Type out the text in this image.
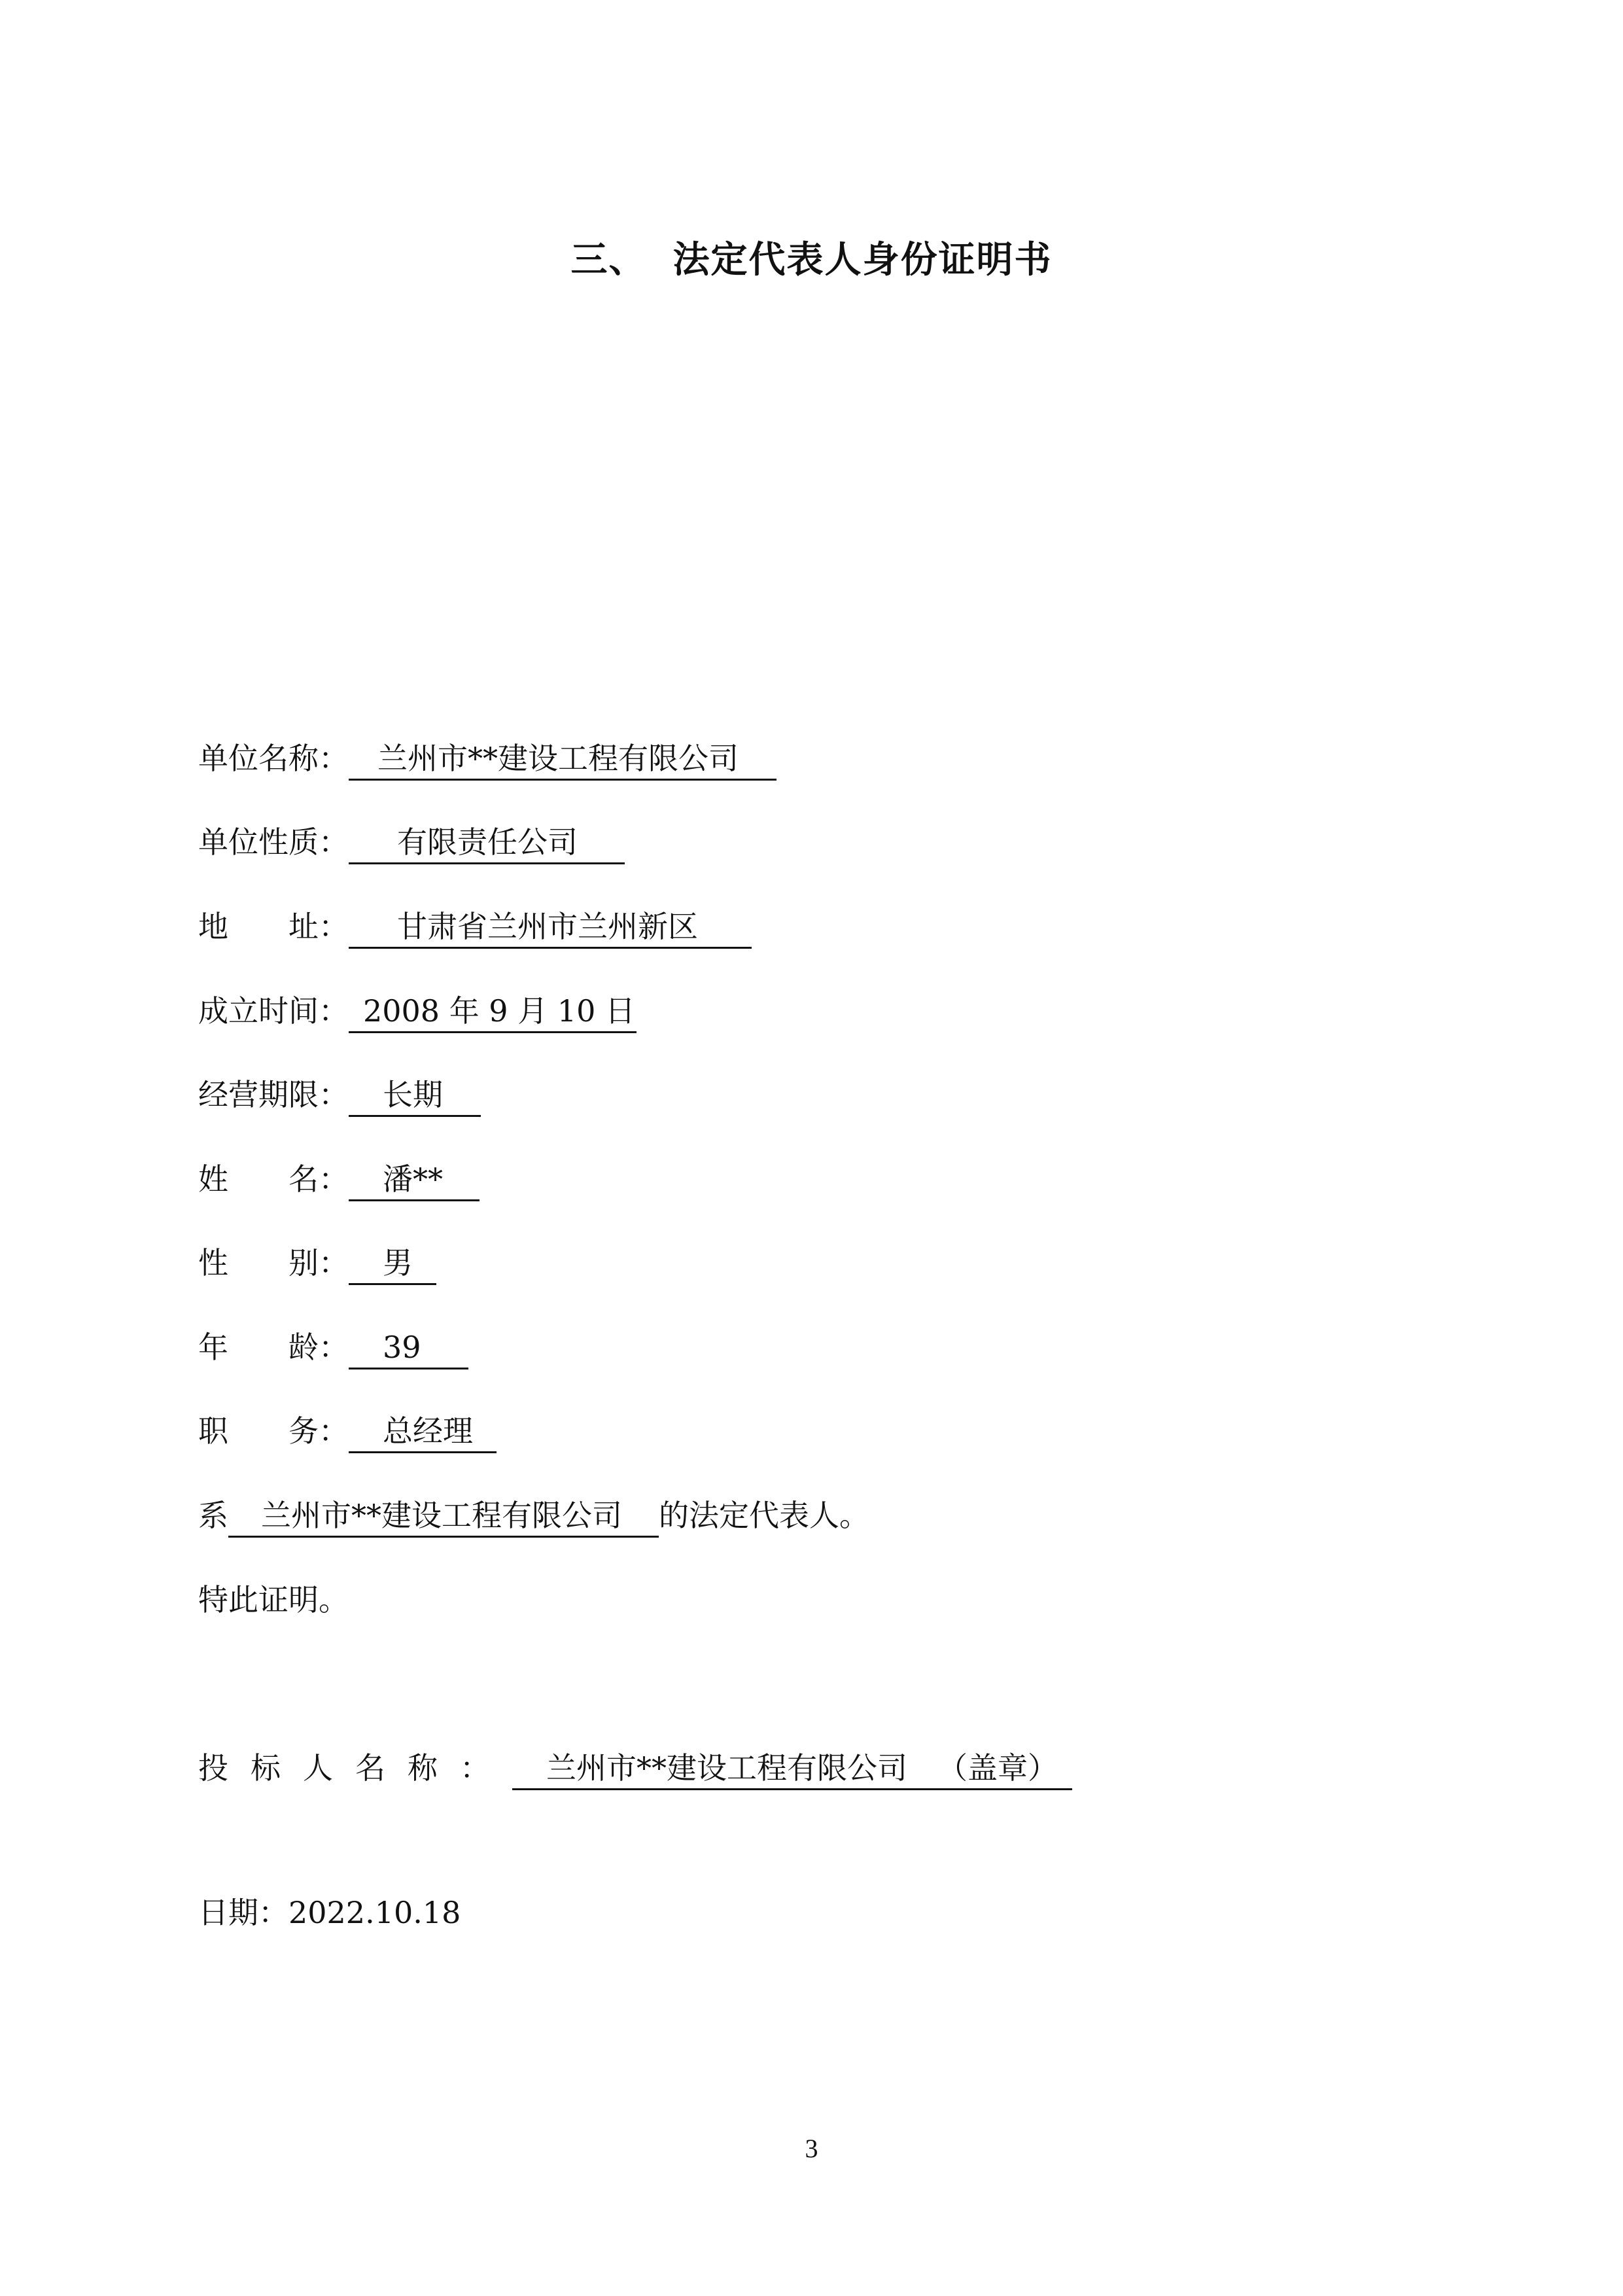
三、 法定代表人身份证明书
单位名称： 兰州市**建设工程有限公司
单位性质： 有限责任公司
地　　址： 甘肃省兰州市兰州新区
成立时间： 2008 年 9 月 10 日
经营期限： 长期
姓　　名： 潘**
性　　别： 男
年　　龄： 39
职　　务： 总经理
系 兰州市**建设工程有限公司 的法定代表人。
特此证明。
投标人名称： 兰州市**建设工程有限公司 （盖章）
日期：2022.10.18
3
